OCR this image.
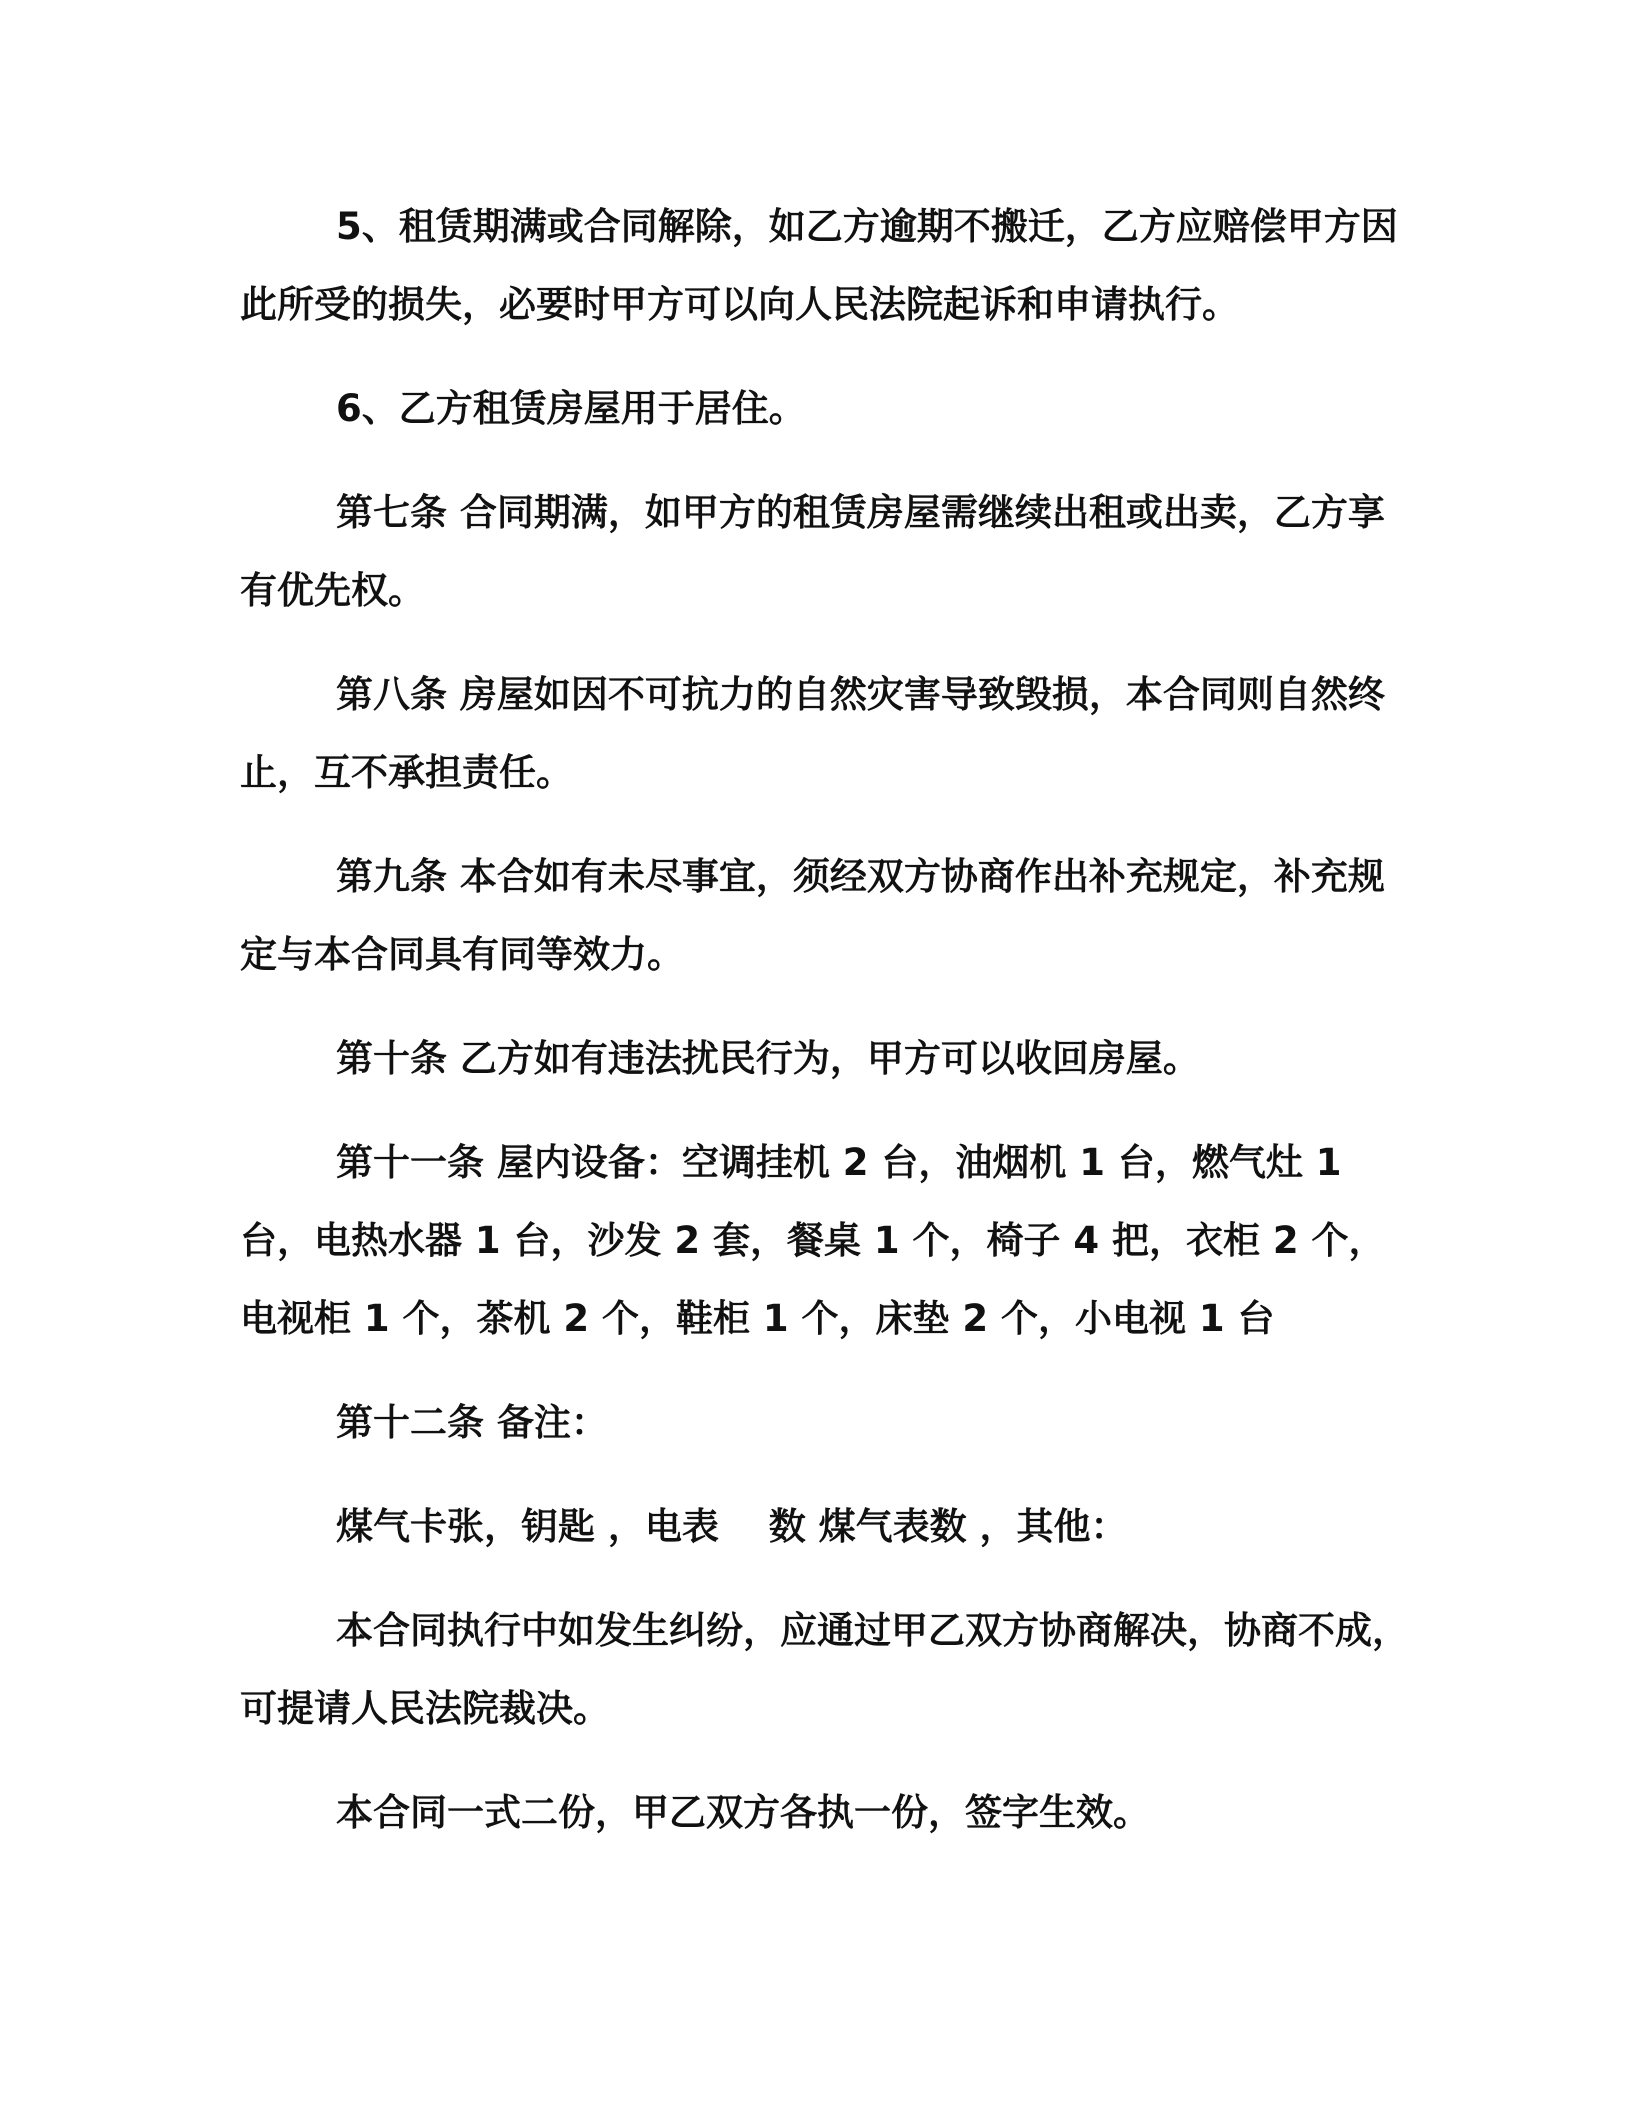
5、租赁期满或合同解除，如乙方逾期不搬迁，乙方应赔偿甲方因此所受的损失，必要时甲方可以向人民法院起诉和申请执行。

6、乙方租赁房屋用于居住。

第七条 合同期满，如甲方的租赁房屋需继续出租或出卖，乙方享有优先权。

第八条 房屋如因不可抗力的自然灾害导致毁损，本合同则自然终止，互不承担责任。

第九条 本合如有未尽事宜，须经双方协商作出补充规定，补充规定与本合同具有同等效力。

第十条 乙方如有违法扰民行为，甲方可以收回房屋。

第十一条 屋内设备：空调挂机 2 台，油烟机 1 台，燃气灶 1 台，电热水器 1 台，沙发 2 套，餐桌 1 个，椅子 4 把，衣柜 2 个，电视柜 1 个，茶机 2 个，鞋柜 1 个，床垫 2 个，小电视 1 台

第十二条 备注：

煤气卡张，钥匙 ，电表　 数 煤气表数 ，其他：

本合同执行中如发生纠纷，应通过甲乙双方协商解决，协商不成，可提请人民法院裁决。

本合同一式二份，甲乙双方各执一份，签字生效。
